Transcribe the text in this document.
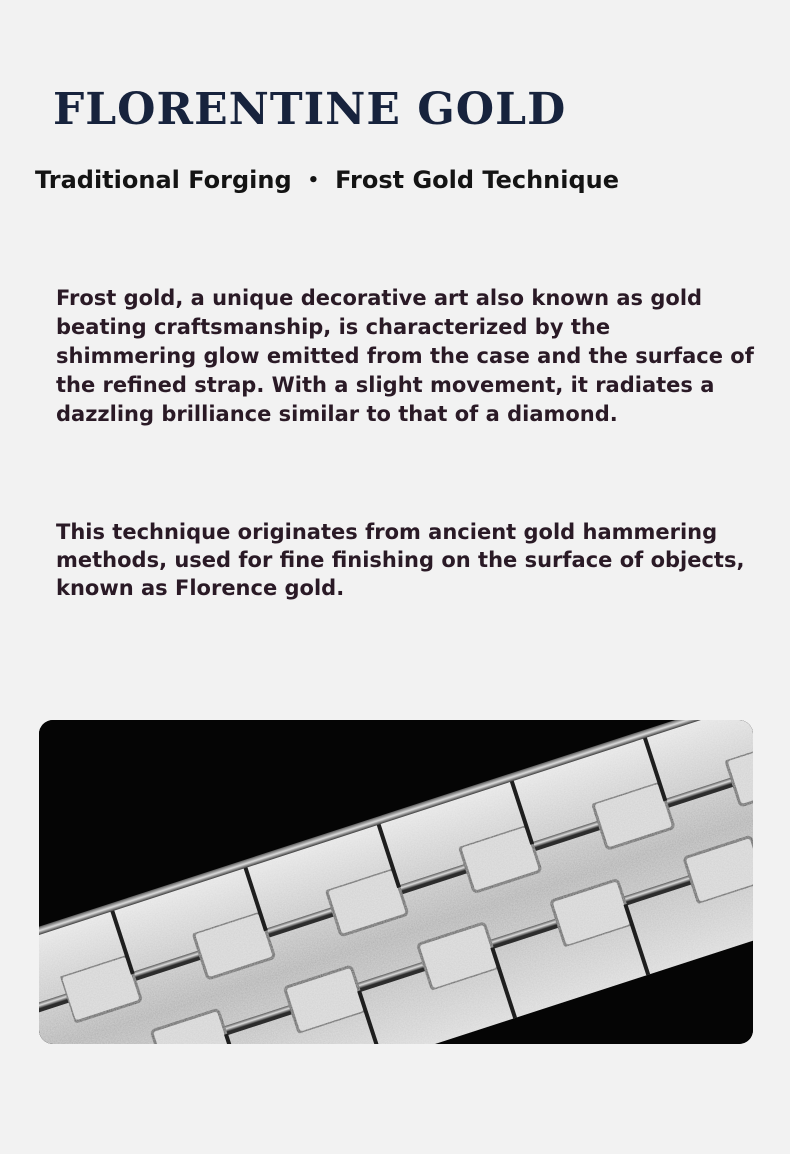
FLORENTINE GOLD
Traditional Forging • Frost Gold Technique

Frost gold, a unique decorative art also known as gold beating craftsmanship, is characterized by the shimmering glow emitted from the case and the surface of the refined strap. With a slight movement, it radiates a dazzling brilliance similar to that of a diamond.

This technique originates from ancient gold hammering methods, used for fine finishing on the surface of objects, known as Florence gold.
